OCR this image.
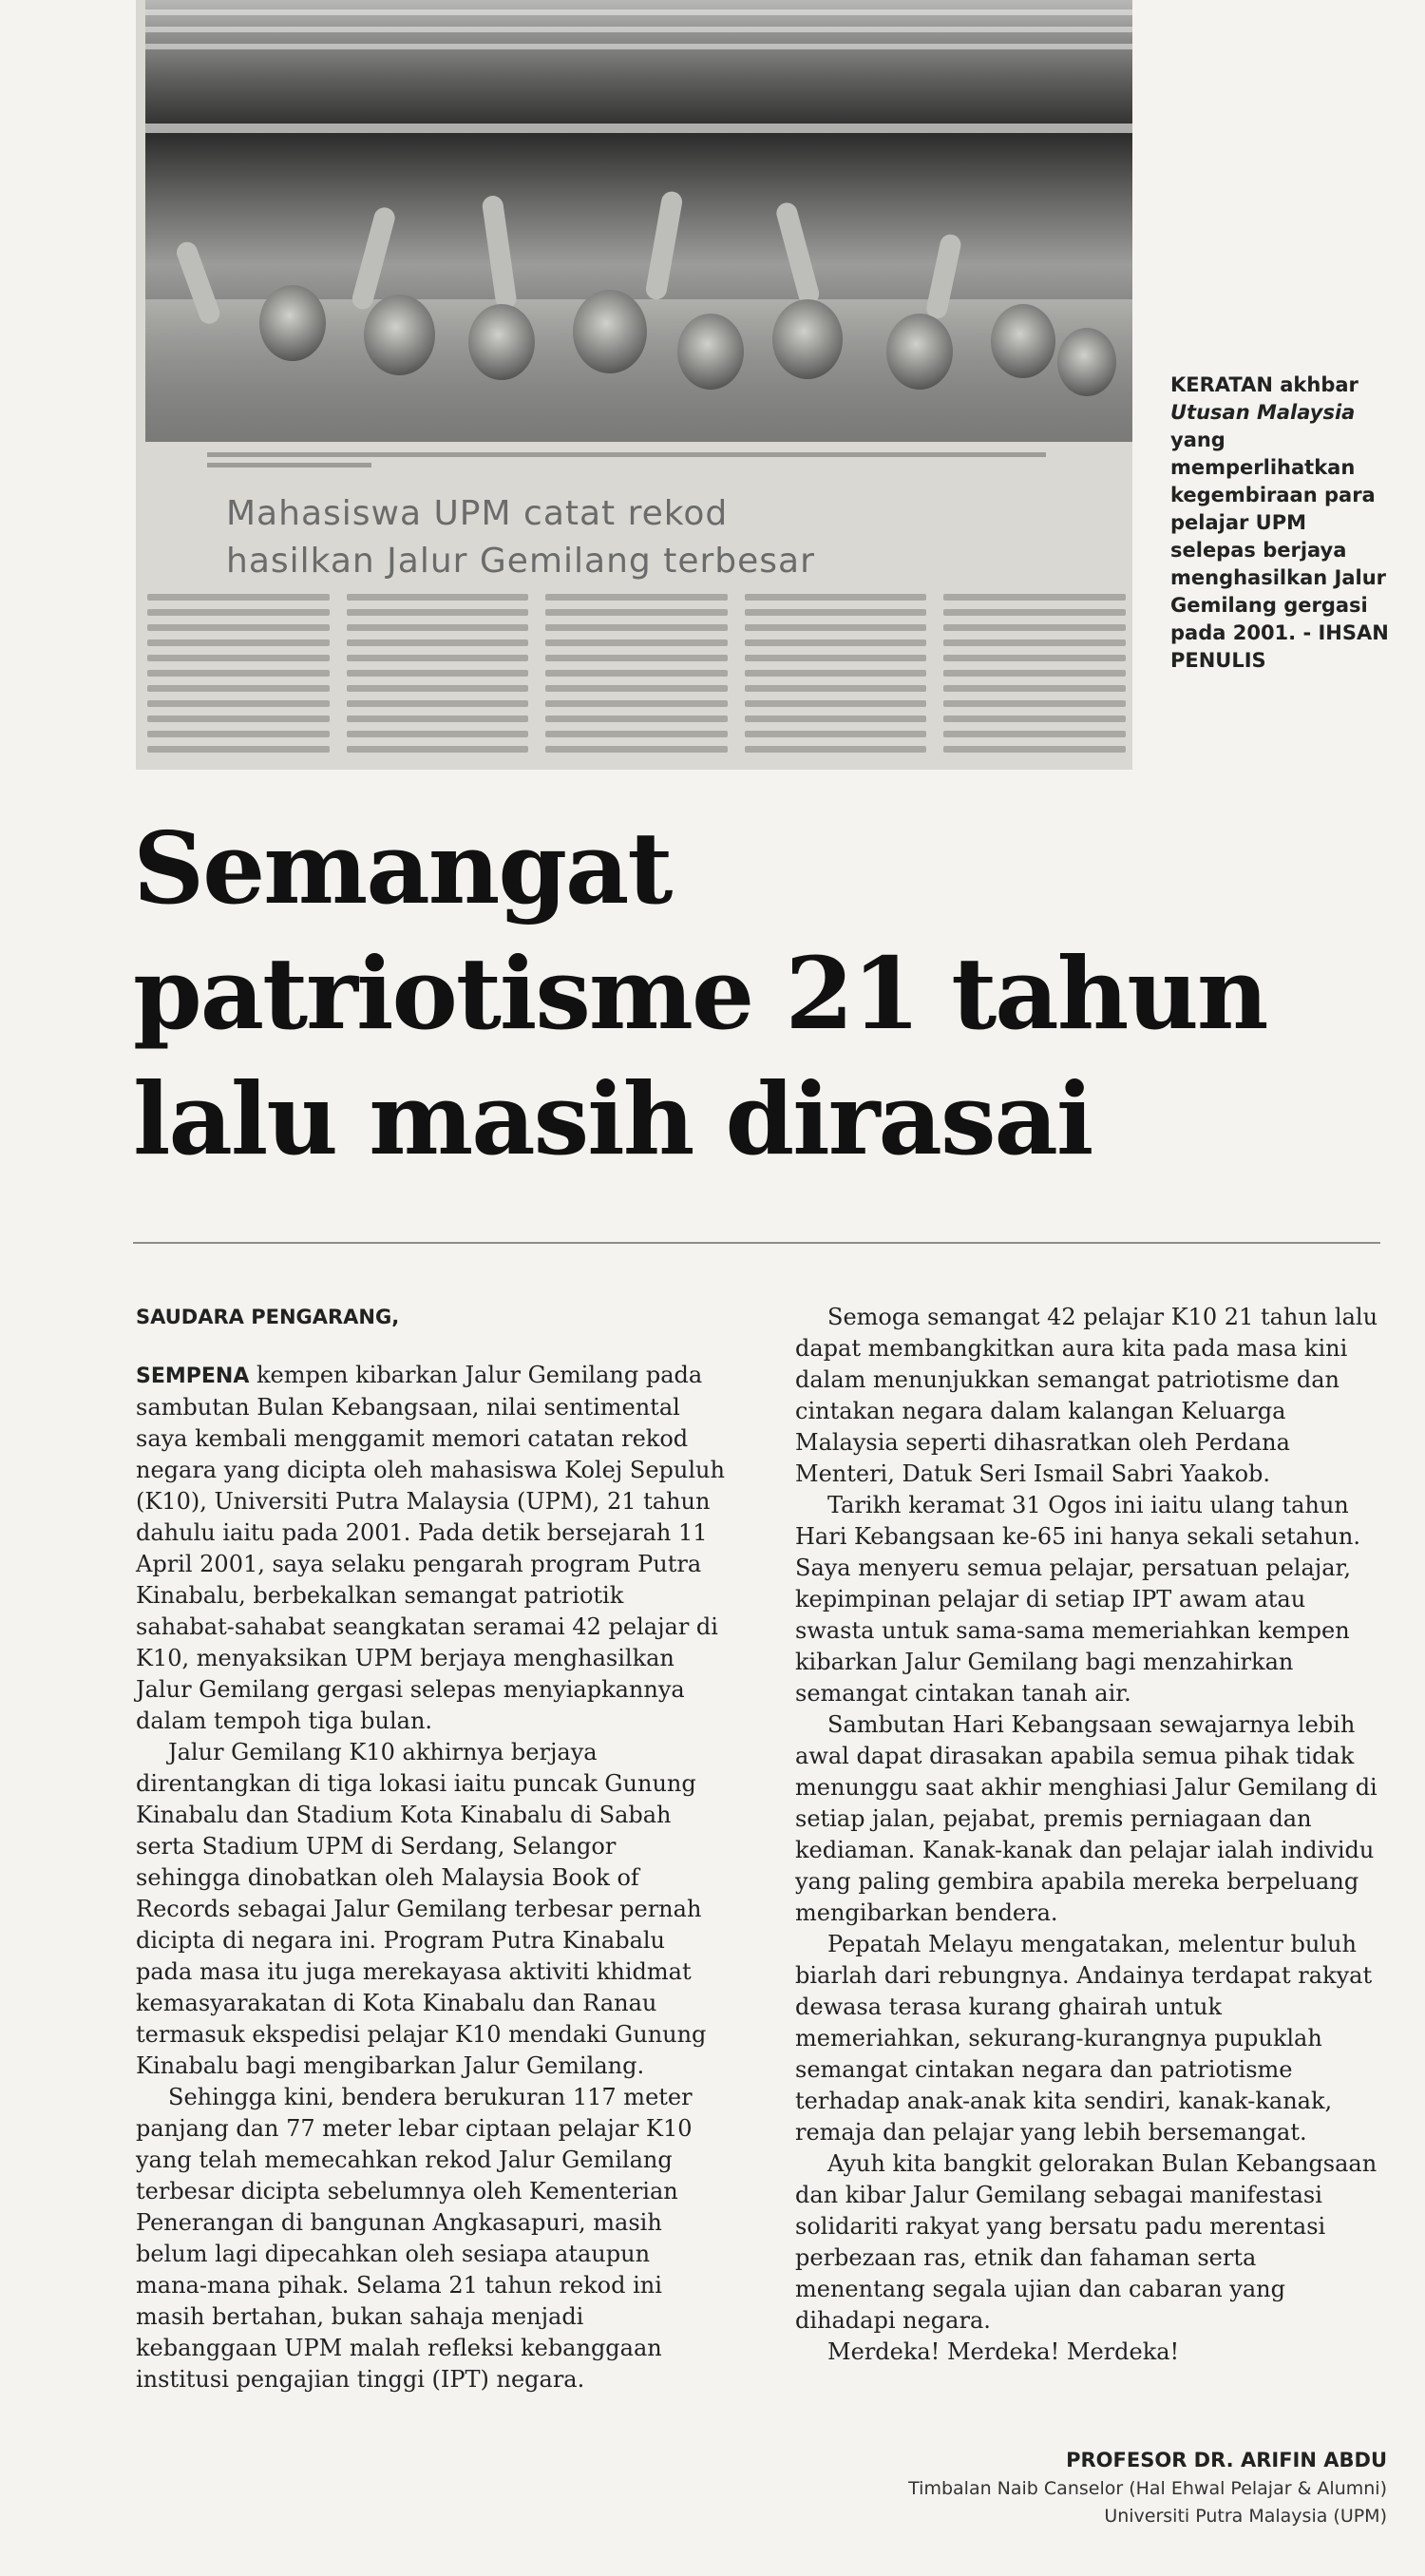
Mahasiswa UPM catat rekod
hasilkan Jalur Gemilang terbesar
KERATAN akhbar Utusan Malaysia yang memperlihatkan kegembiraan para pelajar UPM selepas berjaya menghasilkan Jalur Gemilang gergasi pada 2001. - IHSAN PENULIS
Semangat
patriotisme 21 tahun
lalu masih dirasai
SAUDARA PENGARANG,

SEMPENA kempen kibarkan Jalur Gemilang pada sambutan Bulan Kebangsaan, nilai sentimental saya kembali menggamit memori catatan rekod negara yang dicipta oleh mahasiswa Kolej Sepuluh (K10), Universiti Putra Malaysia (UPM), 21 tahun dahulu iaitu pada 2001. Pada detik bersejarah 11 April 2001, saya selaku pengarah program Putra Kinabalu, berbekalkan semangat patriotik sahabat-sahabat seangkatan seramai 42 pelajar di K10, menyaksikan UPM berjaya menghasilkan Jalur Gemilang gergasi selepas menyiapkannya dalam tempoh tiga bulan.

Jalur Gemilang K10 akhirnya berjaya direntangkan di tiga lokasi iaitu puncak Gunung Kinabalu dan Stadium Kota Kinabalu di Sabah serta Stadium UPM di Serdang, Selangor sehingga dinobatkan oleh Malaysia Book of Records sebagai Jalur Gemilang terbesar pernah dicipta di negara ini. Program Putra Kinabalu pada masa itu juga merekayasa aktiviti khidmat kemasyarakatan di Kota Kinabalu dan Ranau termasuk ekspedisi pelajar K10 mendaki Gunung Kinabalu bagi mengibarkan Jalur Gemilang.

Sehingga kini, bendera berukuran 117 meter panjang dan 77 meter lebar ciptaan pelajar K10 yang telah memecahkan rekod Jalur Gemilang terbesar dicipta sebelumnya oleh Kementerian Penerangan di bangunan Angkasapuri, masih belum lagi dipecahkan oleh sesiapa ataupun mana-mana pihak. Selama 21 tahun rekod ini masih bertahan, bukan sahaja menjadi kebanggaan UPM malah refleksi kebanggaan institusi pengajian tinggi (IPT) negara.

Semoga semangat 42 pelajar K10 21 tahun lalu dapat membangkitkan aura kita pada masa kini dalam menunjukkan semangat patriotisme dan cintakan negara dalam kalangan Keluarga Malaysia seperti dihasratkan oleh Perdana Menteri, Datuk Seri Ismail Sabri Yaakob.

Tarikh keramat 31 Ogos ini iaitu ulang tahun Hari Kebangsaan ke-65 ini hanya sekali setahun. Saya menyeru semua pelajar, persatuan pelajar, kepimpinan pelajar di setiap IPT awam atau swasta untuk sama-sama memeriahkan kempen kibarkan Jalur Gemilang bagi menzahirkan semangat cintakan tanah air.

Sambutan Hari Kebangsaan sewajarnya lebih awal dapat dirasakan apabila semua pihak tidak menunggu saat akhir menghiasi Jalur Gemilang di setiap jalan, pejabat, premis perniagaan dan kediaman. Kanak-kanak dan pelajar ialah individu yang paling gembira apabila mereka berpeluang mengibarkan bendera.

Pepatah Melayu mengatakan, melentur buluh biarlah dari rebungnya. Andainya terdapat rakyat dewasa terasa kurang ghairah untuk memeriahkan, sekurang-kurangnya pupuklah semangat cintakan negara dan patriotisme terhadap anak-anak kita sendiri, kanak-kanak, remaja dan pelajar yang lebih bersemangat.

Ayuh kita bangkit gelorakan Bulan Kebangsaan dan kibar Jalur Gemilang sebagai manifestasi solidariti rakyat yang bersatu padu merentasi perbezaan ras, etnik dan fahaman serta menentang segala ujian dan cabaran yang dihadapi negara.

Merdeka! Merdeka! Merdeka!

PROFESOR DR. ARIFIN ABDU
Timbalan Naib Canselor (Hal Ehwal Pelajar & Alumni) Universiti Putra Malaysia (UPM)
